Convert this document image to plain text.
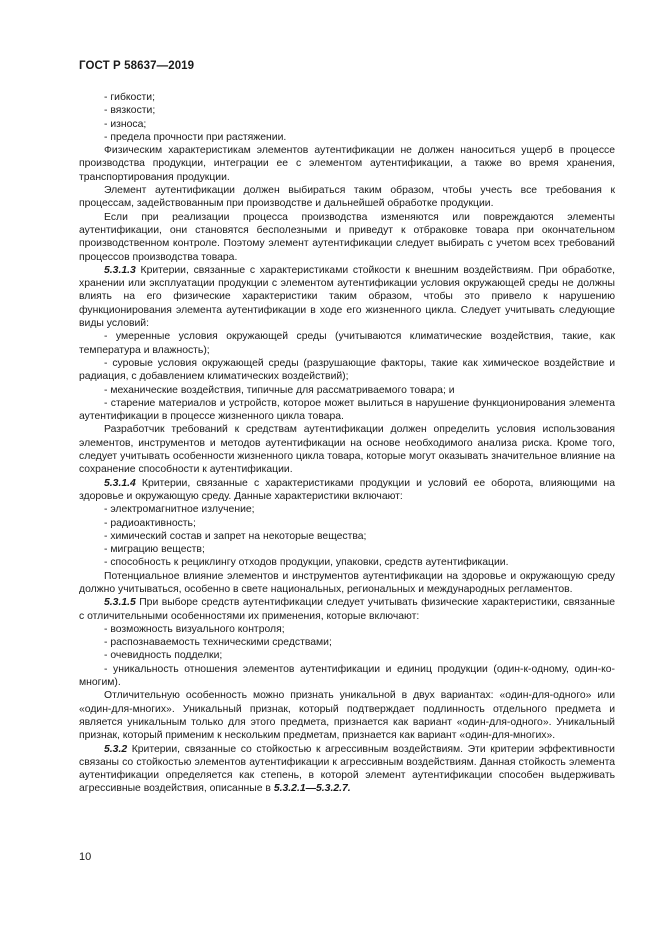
ГОСТ Р 58637—2019

- гибкости;

- вязкости;

- износа;

- предела прочности при растяжении.

Физическим характеристикам элементов аутентификации не должен наноситься ущерб в процессе производства продукции, интеграции ее с элементом аутентификации, а также во время хранения, транспортирования продукции.

Элемент аутентификации должен выбираться таким образом, чтобы учесть все требования к процессам, задействованным при производстве и дальнейшей обработке продукции.

Если при реализации процесса производства изменяются или повреждаются элементы аутентификации, они становятся бесполезными и приведут к отбраковке товара при окончательном производственном контроле. Поэтому элемент аутентификации следует выбирать с учетом всех требований процессов производства товара.

5.3.1.3 Критерии, связанные с характеристиками стойкости к внешним воздействиям. При обработке, хранении или эксплуатации продукции с элементом аутентификации условия окружающей среды не должны влиять на его физические характеристики таким образом, чтобы это привело к нарушению функционирования элемента аутентификации в ходе его жизненного цикла. Следует учитывать следующие виды условий:

- умеренные условия окружающей среды (учитываются климатические воздействия, такие, как температура и влажность);

- суровые условия окружающей среды (разрушающие факторы, такие как химическое воздействие и радиация, с добавлением климатических воздействий);

- механические воздействия, типичные для рассматриваемого товара; и

- старение материалов и устройств, которое может вылиться в нарушение функционирования элемента аутентификации в процессе жизненного цикла товара.

Разработчик требований к средствам аутентификации должен определить условия использования элементов, инструментов и методов аутентификации на основе необходимого анализа риска. Кроме того, следует учитывать особенности жизненного цикла товара, которые могут оказывать значительное влияние на сохранение способности к аутентификации.

5.3.1.4 Критерии, связанные с характеристиками продукции и условий ее оборота, влияющими на здоровье и окружающую среду. Данные характеристики включают:

- электромагнитное излучение;

- радиоактивность;

- химический состав и запрет на некоторые вещества;

- миграцию веществ;

- способность к рециклингу отходов продукции, упаковки, средств аутентификации.

Потенциальное влияние элементов и инструментов аутентификации на здоровье и окружающую среду должно учитываться, особенно в свете национальных, региональных и международных регламентов.

5.3.1.5 При выборе средств аутентификации следует учитывать физические характеристики, связанные с отличительными особенностями их применения, которые включают:

- возможность визуального контроля;

- распознаваемость техническими средствами;

- очевидность подделки;

- уникальность отношения элементов аутентификации и единиц продукции (один-к-одному, один-ко-многим).

Отличительную особенность можно признать уникальной в двух вариантах: «один-для-одного» или «один-для-многих». Уникальный признак, который подтверждает подлинность отдельного предмета и является уникальным только для этого предмета, признается как вариант «один-для-одного». Уникальный признак, который применим к нескольким предметам, признается как вариант «один-для-многих».

5.3.2 Критерии, связанные со стойкостью к агрессивным воздействиям. Эти критерии эффективности связаны со стойкостью элементов аутентификации к агрессивным воздействиям. Данная стойкость элемента аутентификации определяется как степень, в которой элемент аутентификации способен выдерживать агрессивные воздействия, описанные в 5.3.2.1—5.3.2.7.

10
